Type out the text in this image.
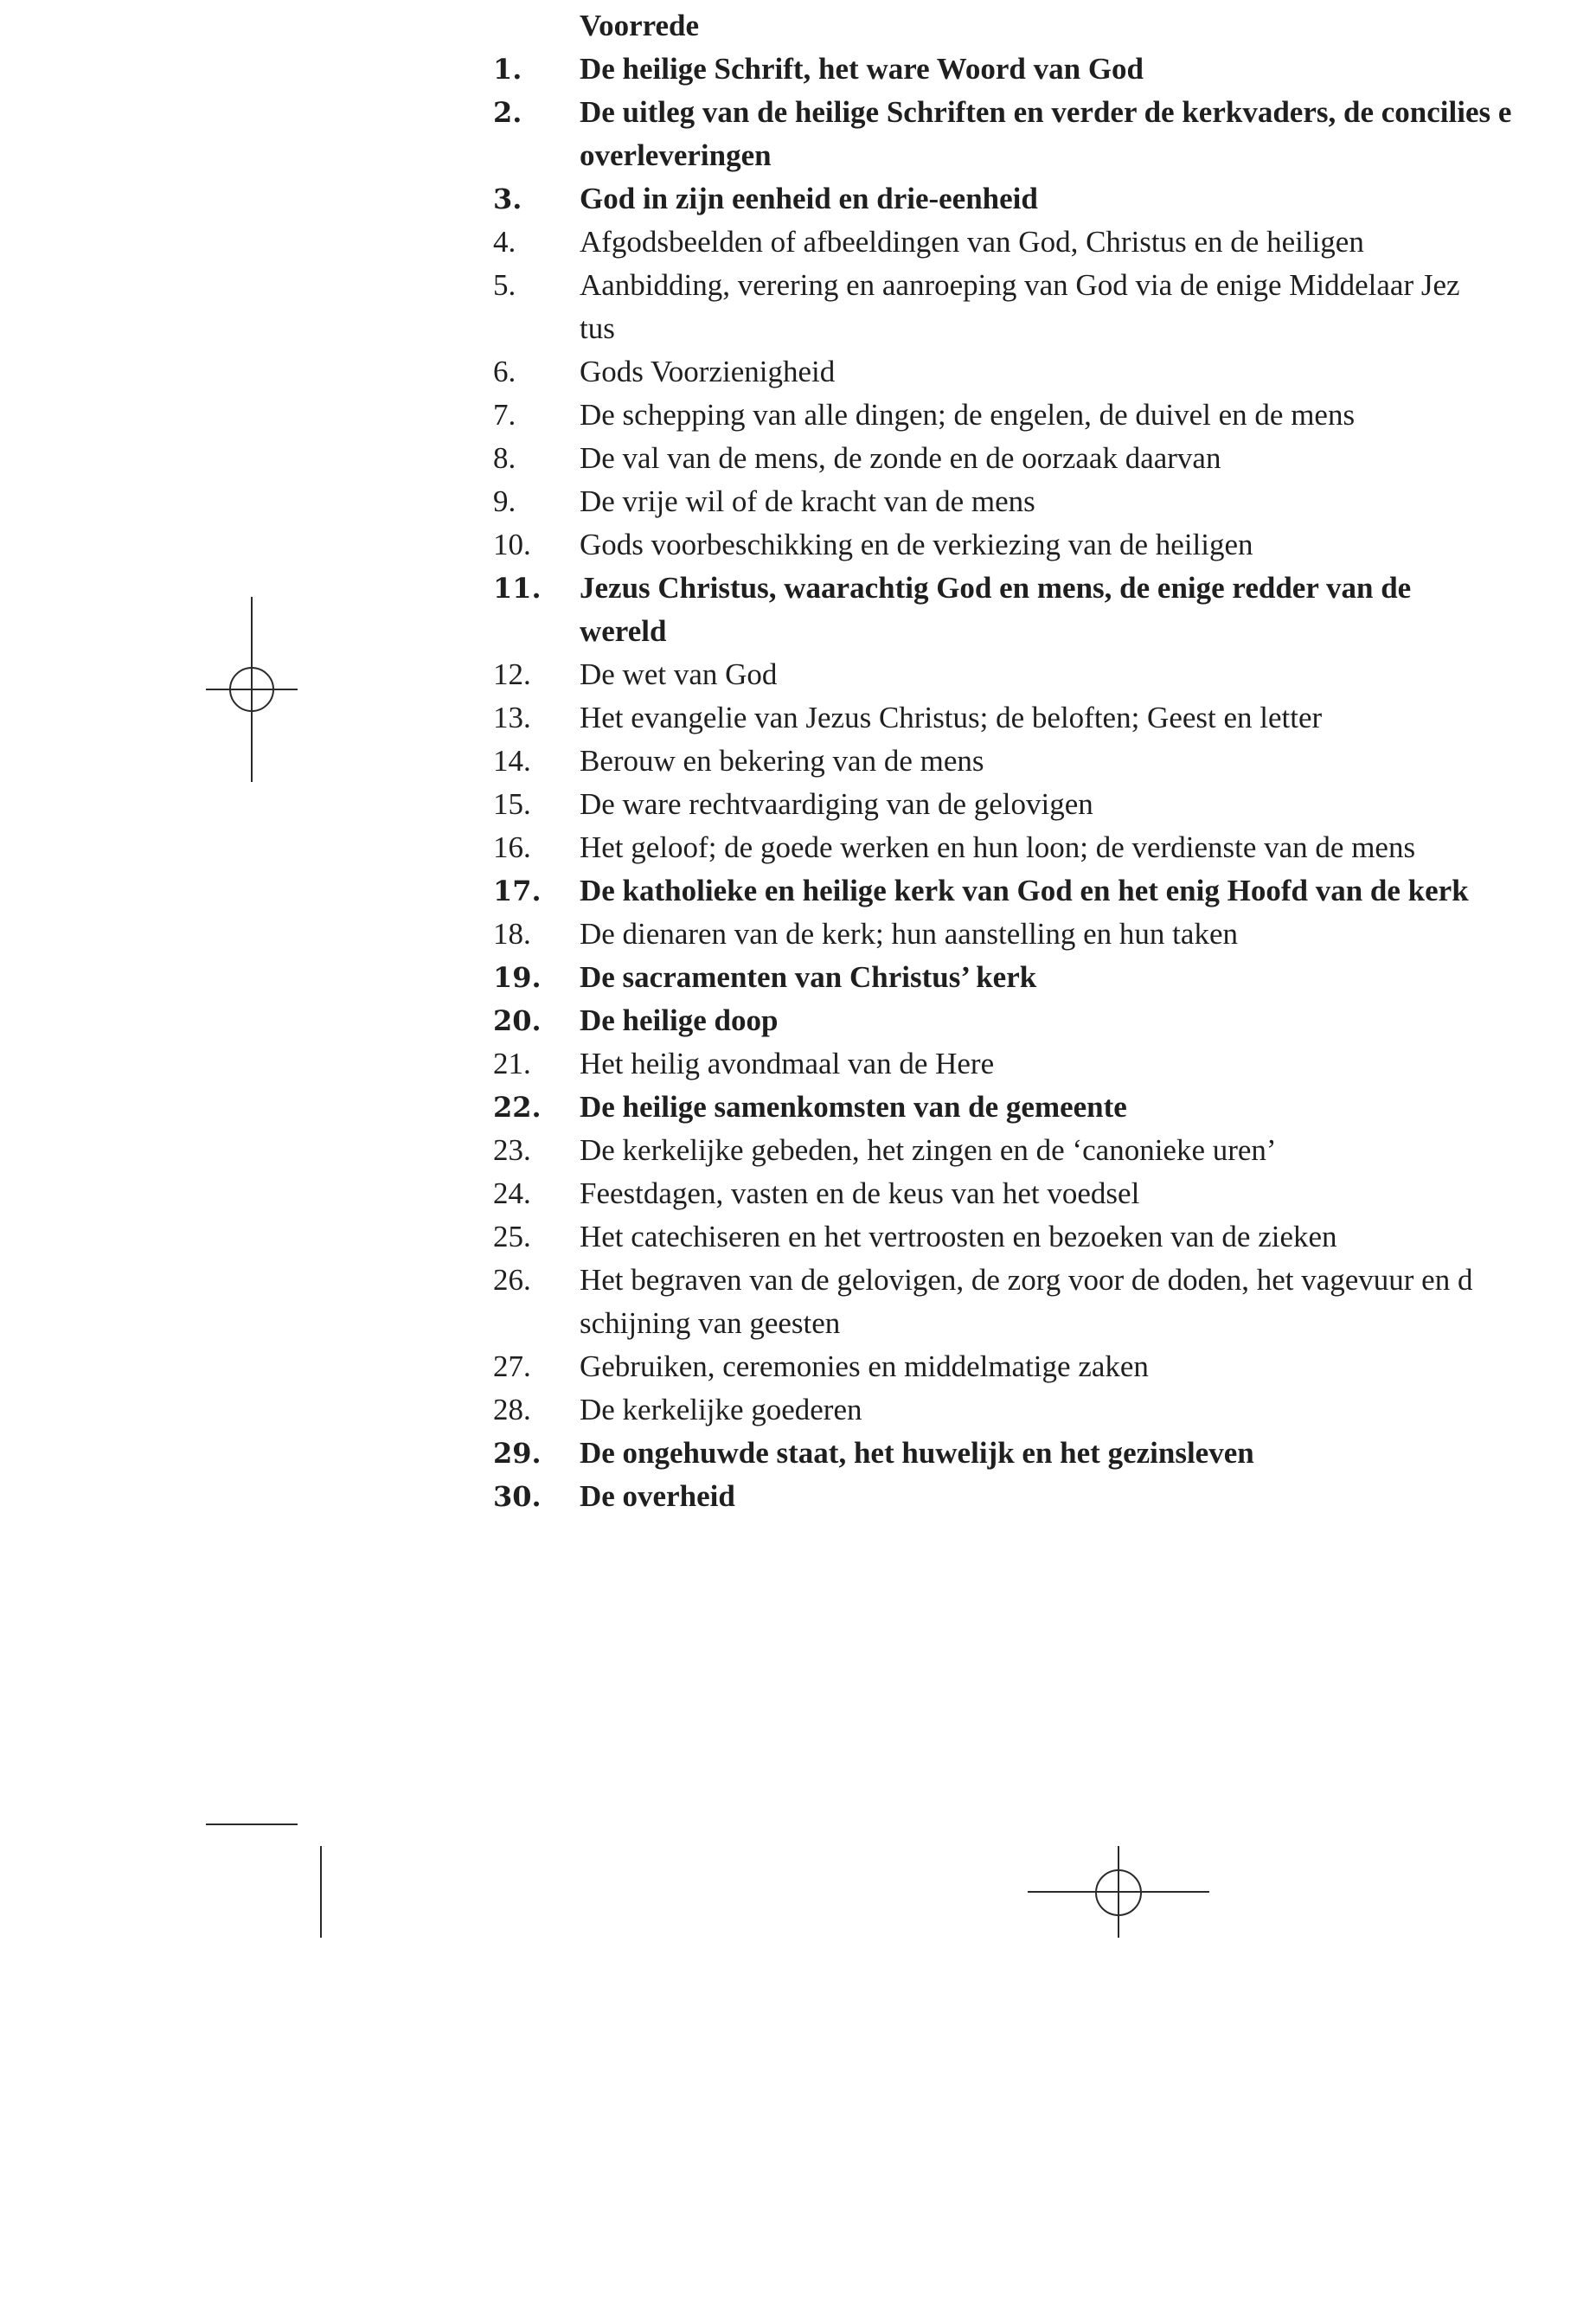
Voorrede
1.	De heilige Schrift, het ware Woord van God
2.	De uitleg van de heilige Schriften en verder de kerkvaders, de concilies e
overleveringen
3.	God in zijn eenheid en drie-eenheid
4.	Afgodsbeelden of afbeeldingen van God, Christus en de heiligen
5.	Aanbidding, verering en aanroeping van God via de enige Middelaar Jez
tus
6.	Gods Voorzienigheid
7.	De schepping van alle dingen; de engelen, de duivel en de mens
8.	De val van de mens, de zonde en de oorzaak daarvan
9.	De vrije wil of de kracht van de mens
10.	Gods voorbeschikking en de verkiezing van de heiligen
11.	Jezus Christus, waarachtig God en mens, de enige redder van de
wereld
12.	De wet van God
13.	Het evangelie van Jezus Christus; de beloften; Geest en letter
14.	Berouw en bekering van de mens
15.	De ware rechtvaardiging van de gelovigen
16.	Het geloof; de goede werken en hun loon; de verdienste van de mens
17.	De katholieke en heilige kerk van God en het enig Hoofd van de kerk
18.	De dienaren van de kerk; hun aanstelling en hun taken
19.	De sacramenten van Christus’ kerk
20.	De heilige doop
21.	Het heilig avondmaal van de Here
22.	De heilige samenkomsten van de gemeente
23.	De kerkelijke gebeden, het zingen en de ‘canonieke uren’
24.	Feestdagen, vasten en de keus van het voedsel
25.	Het catechiseren en het vertroosten en bezoeken van de zieken
26.	Het begraven van de gelovigen, de zorg voor de doden, het vagevuur en d
schijning van geesten
27.	Gebruiken, ceremonies en middelmatige zaken
28.	De kerkelijke goederen
29.	De ongehuwde staat, het huwelijk en het gezinsleven
30.	De overheid
